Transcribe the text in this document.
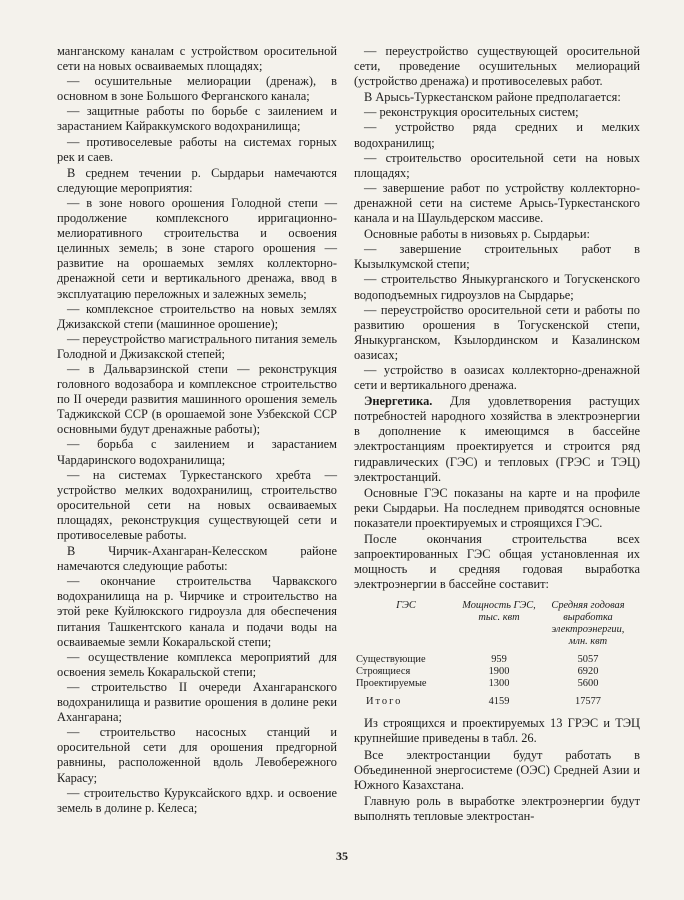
манганскому каналам с устройством оросительной сети на новых осваиваемых площадях;

— осушительные мелиорации (дренаж), в основном в зоне Большого Ферганского канала;

— защитные работы по борьбе с заилением и зарастанием Кайраккумского водохранилища;

— противоселевые работы на системах горных рек и саев.

В среднем течении р. Сырдарьи намечаются следующие мероприятия:

— в зоне нового орошения Голодной степи — продолжение комплексного ирригационно-мелиоративного строительства и освоения целинных земель; в зоне старого орошения — развитие на орошаемых землях коллекторно-дренажной сети и вертикального дренажа, ввод в эксплуатацию переложных и залежных земель;

— комплексное строительство на новых землях Джизакской степи (машинное орошение);

— переустройство магистрального питания земель Голодной и Джизакской степей;

— в Дальварзинской степи — реконструкция головного водозабора и комплексное строительство по II очереди развития машинного орошения земель Таджикской ССР (в орошаемой зоне Узбекской ССР основными будут дренажные работы);

— борьба с заилением и зарастанием Чардаринского водохранилища;

— на системах Туркестанского хребта — устройство мелких водохранилищ, строительство оросительной сети на новых осваиваемых площадях, реконструкция существующей сети и противоселевые работы.

В Чирчик-Ахангаран-Келесском районе намечаются следующие работы:

— окончание строительства Чарвакского водохранилища на р. Чирчике и строительство на этой реке Куйлюкского гидроузла для обеспечения питания Ташкентского канала и подачи воды на осваиваемые земли Кокаральской степи;

— осуществление комплекса мероприятий для освоения земель Кокаральской степи;

— строительство II очереди Ахангаранского водохранилища и развитие орошения в долине реки Ахангарана;

— строительство насосных станций и оросительной сети для орошения предгорной равнины, расположенной вдоль Левобережного Карасу;

— строительство Куруксайского вдхр. и освоение земель в долине р. Келеса;

— переустройство существующей оросительной сети, проведение осушительных мелиораций (устройство дренажа) и противоселевых работ.

В Арысь-Туркестанском районе предполагается:

— реконструкция оросительных систем;

— устройство ряда средних и мелких водохранилищ;

— строительство оросительной сети на новых площадях;

— завершение работ по устройству коллекторно-дренажной сети на системе Арысь-Туркестанского канала и на Шаульдерском массиве.

Основные работы в низовьях р. Сырдарьи:

— завершение строительных работ в Кызылкумской степи;

— строительство Яныкурганского и Тогускенского водоподъемных гидроузлов на Сырдарье;

— переустройство оросительной сети и работы по развитию орошения в Тогускенской степи, Яныкурганском, Кзылординском и Казалинском оазисах;

— устройство в оазисах коллекторно-дренажной сети и вертикального дренажа.

Энергетика. Для удовлетворения растущих потребностей народного хозяйства в электроэнергии в дополнение к имеющимся в бассейне электростанциям проектируется и строится ряд гидравлических (ГЭС) и тепловых (ГРЭС и ТЭЦ) электростанций.

Основные ГЭС показаны на карте и на профиле реки Сырдарьи. На последнем приводятся основные показатели проектируемых и строящихся ГЭС.

После окончания строительства всех запроектированных ГЭС общая установленная их мощность и средняя годовая выработка электроэнергии в бассейне составит:

ГЭС	Мощность ГЭС, тыс. квт	Средняя годовая выработка электроэнергии, млн. квт
Существующие	959	5057
Строящиеся	1900	6920
Проектируемые	1300	5600
Итого	4159	17577

Из строящихся и проектируемых 13 ГРЭС и ТЭЦ крупнейшие приведены в табл. 26.

Все электростанции будут работать в Объединенной энергосистеме (ОЭС) Средней Азии и Южного Казахстана.

Главную роль в выработке электроэнергии будут выполнять тепловые электростан-

35
